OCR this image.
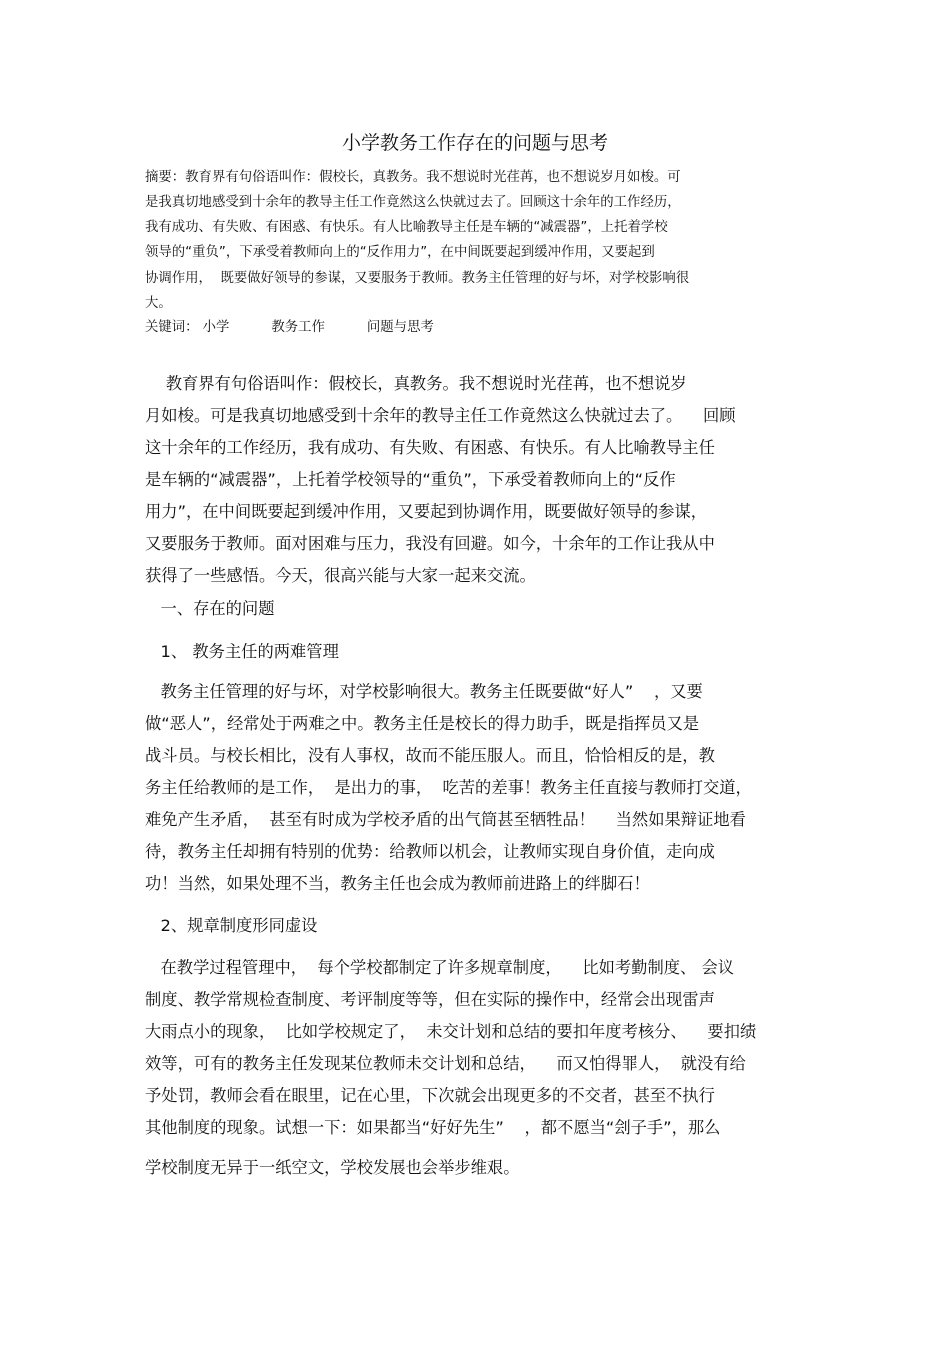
小学教务工作存在的问题与思考
摘要：教育界有句俗语叫作：假校长，真教务。我不想说时光荏苒，也不想说岁月如梭。可
是我真切地感受到十余年的教导主任工作竟然这么快就过去了。回顾这十余年的工作经历，
我有成功、有失败、有困惑、有快乐。有人比喻教导主任是车辆的“减震器”，上托着学校
领导的“重负”，下承受着教师向上的“反作用力”，在中间既要起到缓冲作用，又要起到
协调作用，  既要做好领导的参谋，又要服务于教师。教务主任管理的好与坏，对学校影响很
大。
关键词： 小学	教务工作	问题与思考
教育界有句俗语叫作：假校长，真教务。我不想说时光荏苒，也不想说岁
月如梭。可是我真切地感受到十余年的教导主任工作竟然这么快就过去了。    回顾
这十余年的工作经历，我有成功、有失败、有困惑、有快乐。有人比喻教导主任
是车辆的“减震器”，上托着学校领导的“重负”，下承受着教师向上的“反作
用力”，在中间既要起到缓冲作用，又要起到协调作用，既要做好领导的参谋，
又要服务于教师。面对困难与压力，我没有回避。如今，十余年的工作让我从中
获得了一些感悟。今天，很高兴能与大家一起来交流。
一、存在的问题
1、 教务主任的两难管理
教务主任管理的好与坏，对学校影响很大。教务主任既要做“好人”    ，又要
做“恶人”，经常处于两难之中。教务主任是校长的得力助手，既是指挥员又是
战斗员。与校长相比，没有人事权，故而不能压服人。而且，恰恰相反的是，教
务主任给教师的是工作，  是出力的事，  吃苦的差事！教务主任直接与教师打交道，
难免产生矛盾，  甚至有时成为学校矛盾的出气筒甚至牺牲品！    当然如果辩证地看
待，教务主任却拥有特别的优势：给教师以机会，让教师实现自身价值，走向成
功！当然，如果处理不当，教务主任也会成为教师前进路上的绊脚石！
2、规章制度形同虚设
在教学过程管理中，  每个学校都制定了许多规章制度，    比如考勤制度、 会议
制度、教学常规检查制度、考评制度等等，但在实际的操作中，经常会出现雷声
大雨点小的现象，  比如学校规定了，  未交计划和总结的要扣年度考核分、    要扣绩
效等，可有的教务主任发现某位教师未交计划和总结，    而又怕得罪人，  就没有给
予处罚，教师会看在眼里，记在心里，下次就会出现更多的不交者，甚至不执行
其他制度的现象。试想一下：如果都当“好好先生”    ，都不愿当“刽子手”，那么
学校制度无异于一纸空文，学校发展也会举步维艰。
